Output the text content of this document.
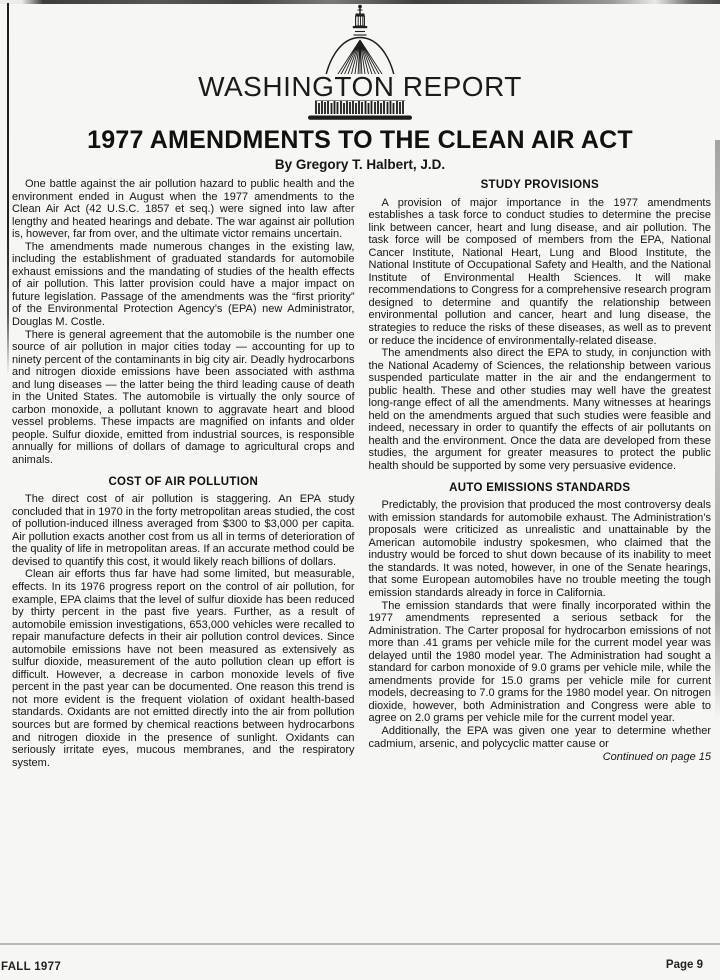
WASHINGTON REPORT
1977 AMENDMENTS TO THE CLEAN AIR ACT
By Gregory T. Halbert, J.D.

One battle against the air pollution hazard to public health and the environment ended in August when the 1977 amendments to the Clean Air Act (42 U.S.C. 1857 et seq.) were signed into law after lengthy and heated hearings and debate. The war against air pollution is, however, far from over, and the ultimate victor remains uncertain.

The amendments made numerous changes in the existing law, including the establishment of graduated standards for automobile exhaust emissions and the mandating of studies of the health effects of air pollution. This latter provision could have a major impact on future legislation. Passage of the amendments was the “first priority” of the Environmental Protection Agency’s (EPA) new Administrator, Douglas M. Costle.

There is general agreement that the automobile is the number one source of air pollution in major cities today — accounting for up to ninety percent of the contaminants in big city air. Deadly hydrocarbons and nitrogen dioxide emissions have been associated with asthma and lung diseases — the latter being the third leading cause of death in the United States. The automobile is virtually the only source of carbon monoxide, a pollutant known to aggravate heart and blood vessel problems. These impacts are magnified on infants and older people. Sulfur dioxide, emitted from industrial sources, is responsible annually for millions of dollars of damage to agricultural crops and animals.

COST OF AIR POLLUTION

The direct cost of air pollution is staggering. An EPA study concluded that in 1970 in the forty metropolitan areas studied, the cost of pollution-induced illness averaged from $300 to $3,000 per capita. Air pollution exacts another cost from us all in terms of deterioration of the quality of life in metropolitan areas. If an accurate method could be devised to quantify this cost, it would likely reach billions of dollars.

Clean air efforts thus far have had some limited, but measurable, effects. In its 1976 progress report on the control of air pollution, for example, EPA claims that the level of sulfur dioxide has been reduced by thirty percent in the past five years. Further, as a result of automobile emission investigations, 653,000 vehicles were recalled to repair manufacture defects in their air pollution control devices. Since automobile emissions have not been measured as extensively as sulfur dioxide, measurement of the auto pollution clean up effort is difficult. However, a decrease in carbon monoxide levels of five percent in the past year can be documented. One reason this trend is not more evident is the frequent violation of oxidant health-based standards. Oxidants are not emitted directly into the air from pollution sources but are formed by chemical reactions between hydrocarbons and nitrogen dioxide in the presence of sunlight. Oxidants can seriously irritate eyes, mucous membranes, and the respiratory system.

STUDY PROVISIONS

A provision of major importance in the 1977 amendments establishes a task force to conduct studies to determine the precise link between cancer, heart and lung disease, and air pollution. The task force will be composed of members from the EPA, National Cancer Institute, National Heart, Lung and Blood Institute, the National Institute of Occupational Safety and Health, and the National Institute of Environmental Health Sciences. It will make recommendations to Congress for a comprehensive research program designed to determine and quantify the relationship between environmental pollution and cancer, heart and lung disease, the strategies to reduce the risks of these diseases, as well as to prevent or reduce the incidence of environmentally-related disease.

The amendments also direct the EPA to study, in conjunction with the National Academy of Sciences, the relationship between various suspended particulate matter in the air and the endangerment to public health. These and other studies may well have the greatest long-range effect of all the amendments. Many witnesses at hearings held on the amendments argued that such studies were feasible and indeed, necessary in order to quantify the effects of air pollutants on health and the environment. Once the data are developed from these studies, the argument for greater measures to protect the public health should be supported by some very persuasive evidence.

AUTO EMISSIONS STANDARDS

Predictably, the provision that produced the most controversy deals with emission standards for automobile exhaust. The Administration’s proposals were criticized as unrealistic and unattainable by the American automobile industry spokesmen, who claimed that the industry would be forced to shut down because of its inability to meet the standards. It was noted, however, in one of the Senate hearings, that some European automobiles have no trouble meeting the tough emission standards already in force in California.

The emission standards that were finally incorporated within the 1977 amendments represented a serious setback for the Administration. The Carter proposal for hydrocarbon emissions of not more than .41 grams per vehicle mile for the current model year was delayed until the 1980 model year. The Administration had sought a standard for carbon monoxide of 9.0 grams per vehicle mile, while the amendments provide for 15.0 grams per vehicle mile for current models, decreasing to 7.0 grams for the 1980 model year. On nitrogen dioxide, however, both Administration and Congress were able to agree on 2.0 grams per vehicle mile for the current model year.

Additionally, the EPA was given one year to determine whether cadmium, arsenic, and polycyclic matter cause or

Continued on page 15
FALL 1977	Page 9
